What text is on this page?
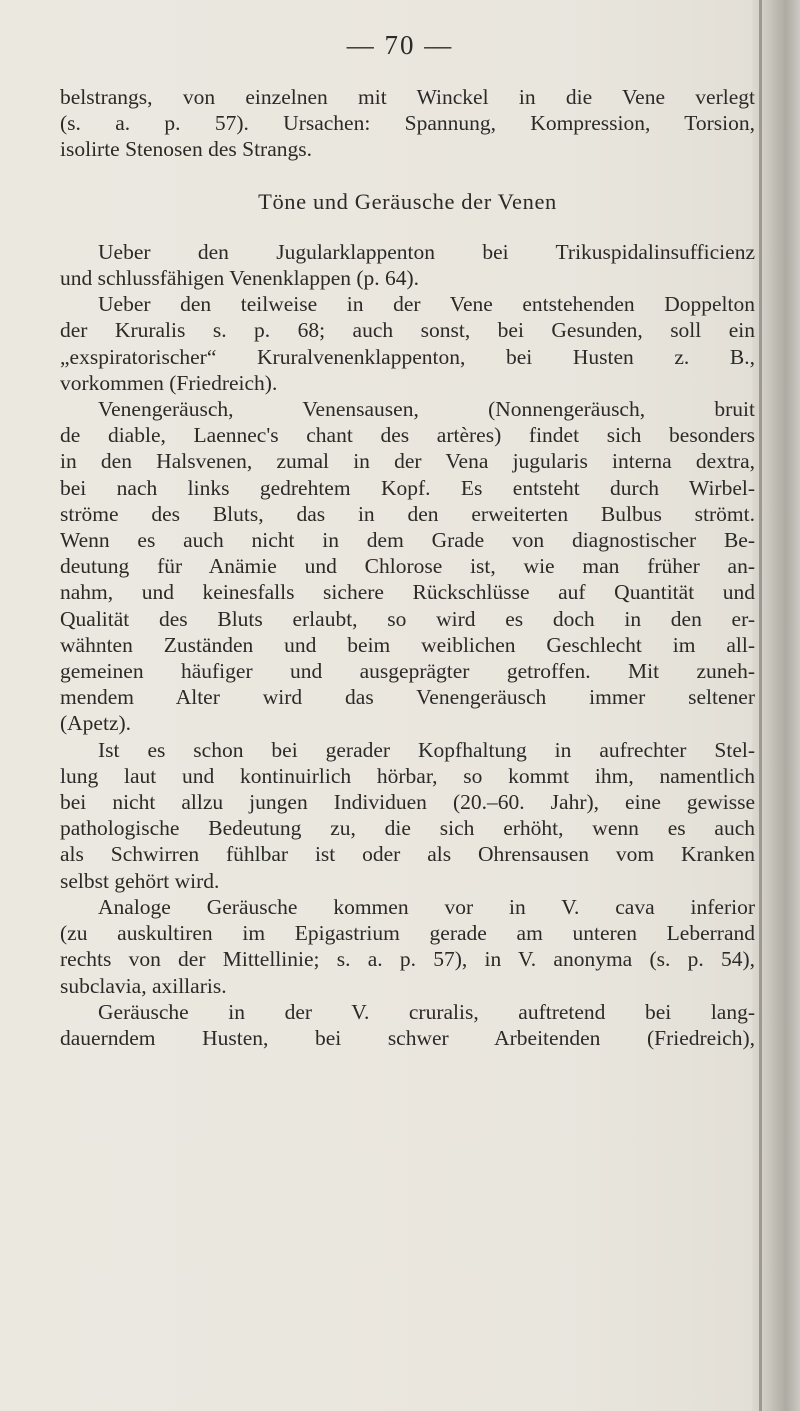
— 70 —
belstrangs, von einzelnen mit Winckel in die Vene verlegt
(s. a. p. 57). Ursachen: Spannung, Kompression, Torsion,
isolirte Stenosen des Strangs.
Töne und Geräusche der Venen
Ueber den Jugularklappenton bei Trikuspidalinsufficienz
und schlussfähigen Venenklappen (p. 64).
Ueber den teilweise in der Vene entstehenden Doppelton
der Kruralis s. p. 68; auch sonst, bei Gesunden, soll ein
„exspiratorischer“ Kruralvenenklappenton, bei Husten z. B.,
vorkommen (Friedreich).
Venengeräusch, Venensausen, (Nonnengeräusch, bruit
de diable, Laennec's chant des artères) findet sich besonders
in den Halsvenen, zumal in der Vena jugularis interna dextra,
bei nach links gedrehtem Kopf. Es entsteht durch Wirbel-
ströme des Bluts, das in den erweiterten Bulbus strömt.
Wenn es auch nicht in dem Grade von diagnostischer Be-
deutung für Anämie und Chlorose ist, wie man früher an-
nahm, und keinesfalls sichere Rückschlüsse auf Quantität und
Qualität des Bluts erlaubt, so wird es doch in den er-
wähnten Zuständen und beim weiblichen Geschlecht im all-
gemeinen häufiger und ausgeprägter getroffen. Mit zuneh-
mendem Alter wird das Venengeräusch immer seltener
(Apetz).
Ist es schon bei gerader Kopfhaltung in aufrechter Stel-
lung laut und kontinuirlich hörbar, so kommt ihm, namentlich
bei nicht allzu jungen Individuen (20.–60. Jahr), eine gewisse
pathologische Bedeutung zu, die sich erhöht, wenn es auch
als Schwirren fühlbar ist oder als Ohrensausen vom Kranken
selbst gehört wird.
Analoge Geräusche kommen vor in V. cava inferior
(zu auskultiren im Epigastrium gerade am unteren Leberrand
rechts von der Mittellinie; s. a. p. 57), in V. anonyma (s. p. 54),
subclavia, axillaris.
Geräusche in der V. cruralis, auftretend bei lang-
dauerndem Husten, bei schwer Arbeitenden (Friedreich),
